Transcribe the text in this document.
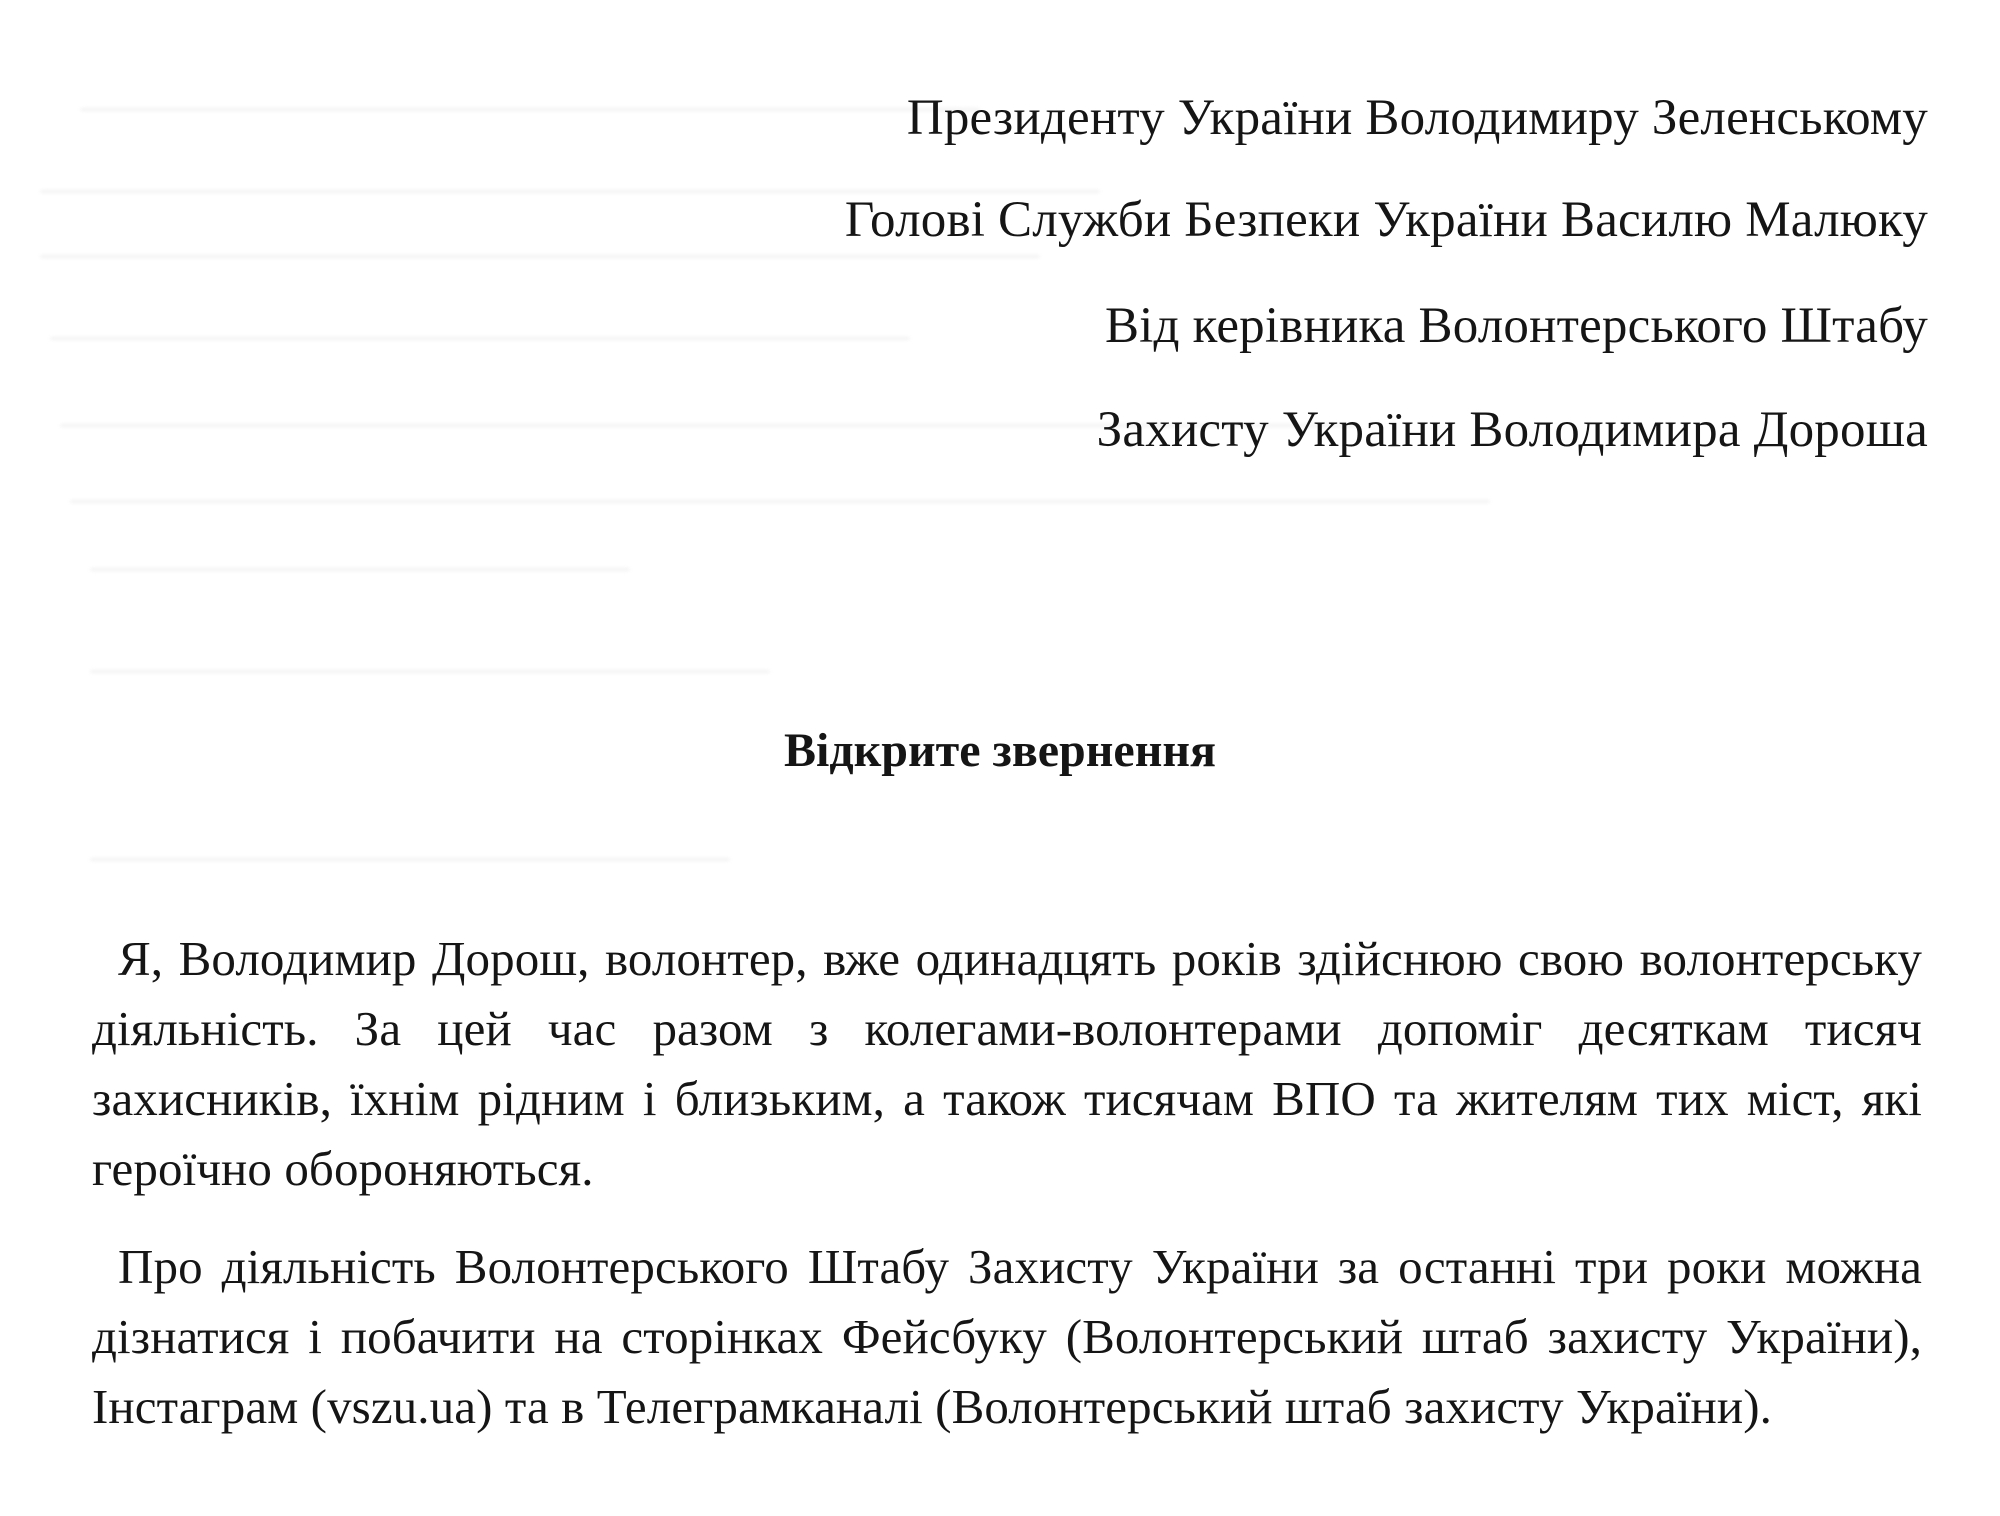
Президенту України Володимиру Зеленському

Голові Служби Безпеки України Василю Малюку

Від керівника Волонтерського Штабу

Захисту України Володимира Дороша

Відкрите звернення

Я, Володимир Дорош, волонтер, вже одинадцять років здійснюю свою волонтерську діяльність. За цей час разом з колегами-волонтерами допоміг десяткам тисяч захисників, їхнім рідним і близьким, а також тисячам ВПО та жителям тих міст, які героїчно обороняються.

Про діяльність Волонтерського Штабу Захисту України за останні три роки можна дізнатися і побачити на сторінках Фейсбуку (Волонтерський штаб захисту України), Інстаграм (vszu.ua) та в Телеграмканалі (Волонтерський штаб захисту України).
